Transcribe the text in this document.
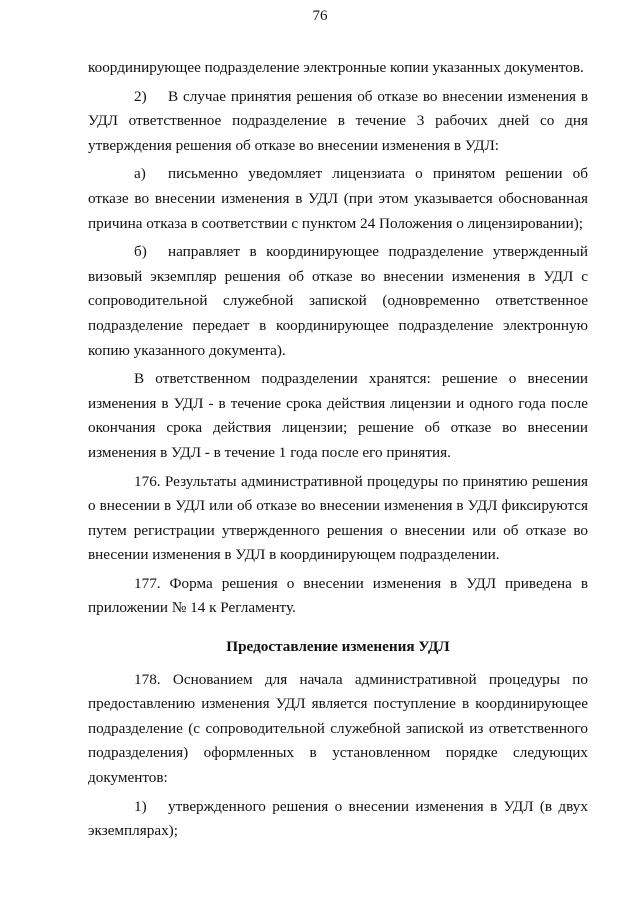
76

координирующее подразделение электронные копии указанных документов.

2) В случае принятия решения об отказе во внесении изменения в УДЛ ответственное подразделение в течение 3 рабочих дней со дня утверждения решения об отказе во внесении изменения в УДЛ:

а) письменно уведомляет лицензиата о принятом решении об отказе во внесении изменения в УДЛ (при этом указывается обоснованная причина отказа в соответствии с пунктом 24 Положения о лицензировании);

б) направляет в координирующее подразделение утвержденный визовый экземпляр решения об отказе во внесении изменения в УДЛ с сопроводительной служебной запиской (одновременно ответственное подразделение передает в координирующее подразделение электронную копию указанного документа).

В ответственном подразделении хранятся: решение о внесении изменения в УДЛ - в течение срока действия лицензии и одного года после окончания срока действия лицензии; решение об отказе во внесении изменения в УДЛ - в течение 1 года после его принятия.

176. Результаты административной процедуры по принятию решения о внесении в УДЛ или об отказе во внесении изменения в УДЛ фиксируются путем регистрации утвержденного решения о внесении или об отказе во внесении изменения в УДЛ в координирующем подразделении.

177. Форма решения о внесении изменения в УДЛ приведена в приложении № 14 к Регламенту.

Предоставление изменения УДЛ

178. Основанием для начала административной процедуры по предоставлению изменения УДЛ является поступление в координирующее подразделение (с сопроводительной служебной запиской из ответственного подразделения) оформленных в установленном порядке следующих документов:

1) утвержденного решения о внесении изменения в УДЛ (в двух экземплярах);
